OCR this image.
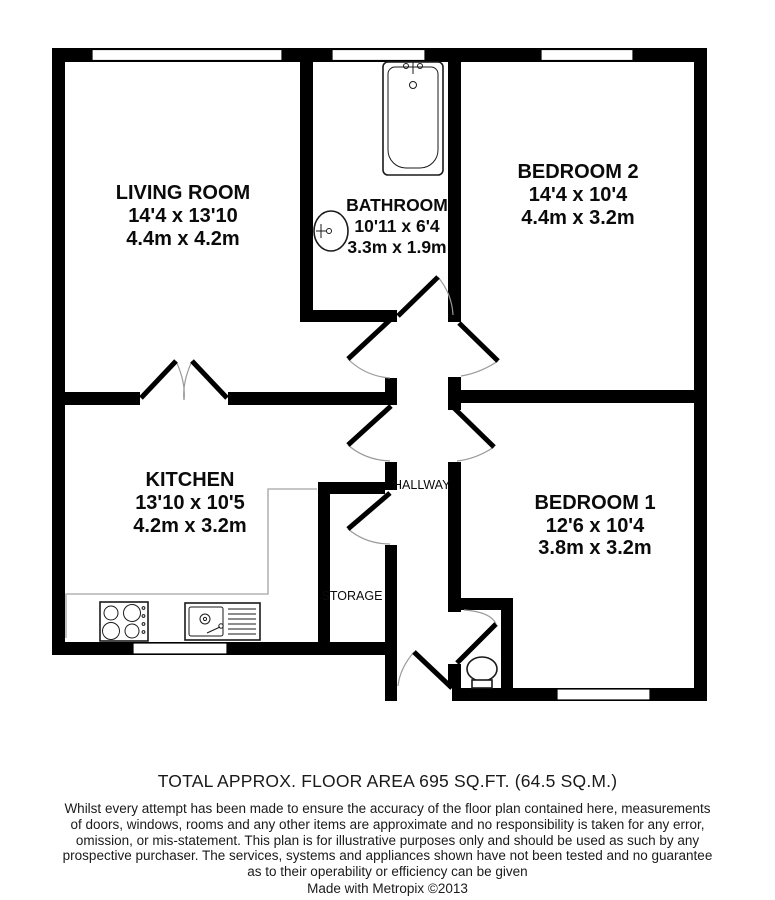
LIVING ROOM
14'4 x 13'10
4.4m x 4.2m
BATHROOM
10'11 x 6'4
3.3m x 1.9m
BEDROOM 2
14'4 x 10'4
4.4m x 3.2m
KITCHEN
13'10 x 10'5
4.2m x 3.2m
BEDROOM 1
12'6 x 10'4
3.8m x 3.2m
HALLWAY
STORAGE
TOTAL APPROX. FLOOR AREA 695 SQ.FT. (64.5 SQ.M.)
Whilst every attempt has been made to ensure the accuracy of the floor plan contained here, measurements
of doors, windows, rooms and any other items are approximate and no responsibility is taken for any error,
omission, or mis-statement. This plan is for illustrative purposes only and should be used as such by any
prospective purchaser. The services, systems and appliances shown have not been tested and no guarantee
as to their operability or efficiency can be given
Made with Metropix ©2013
